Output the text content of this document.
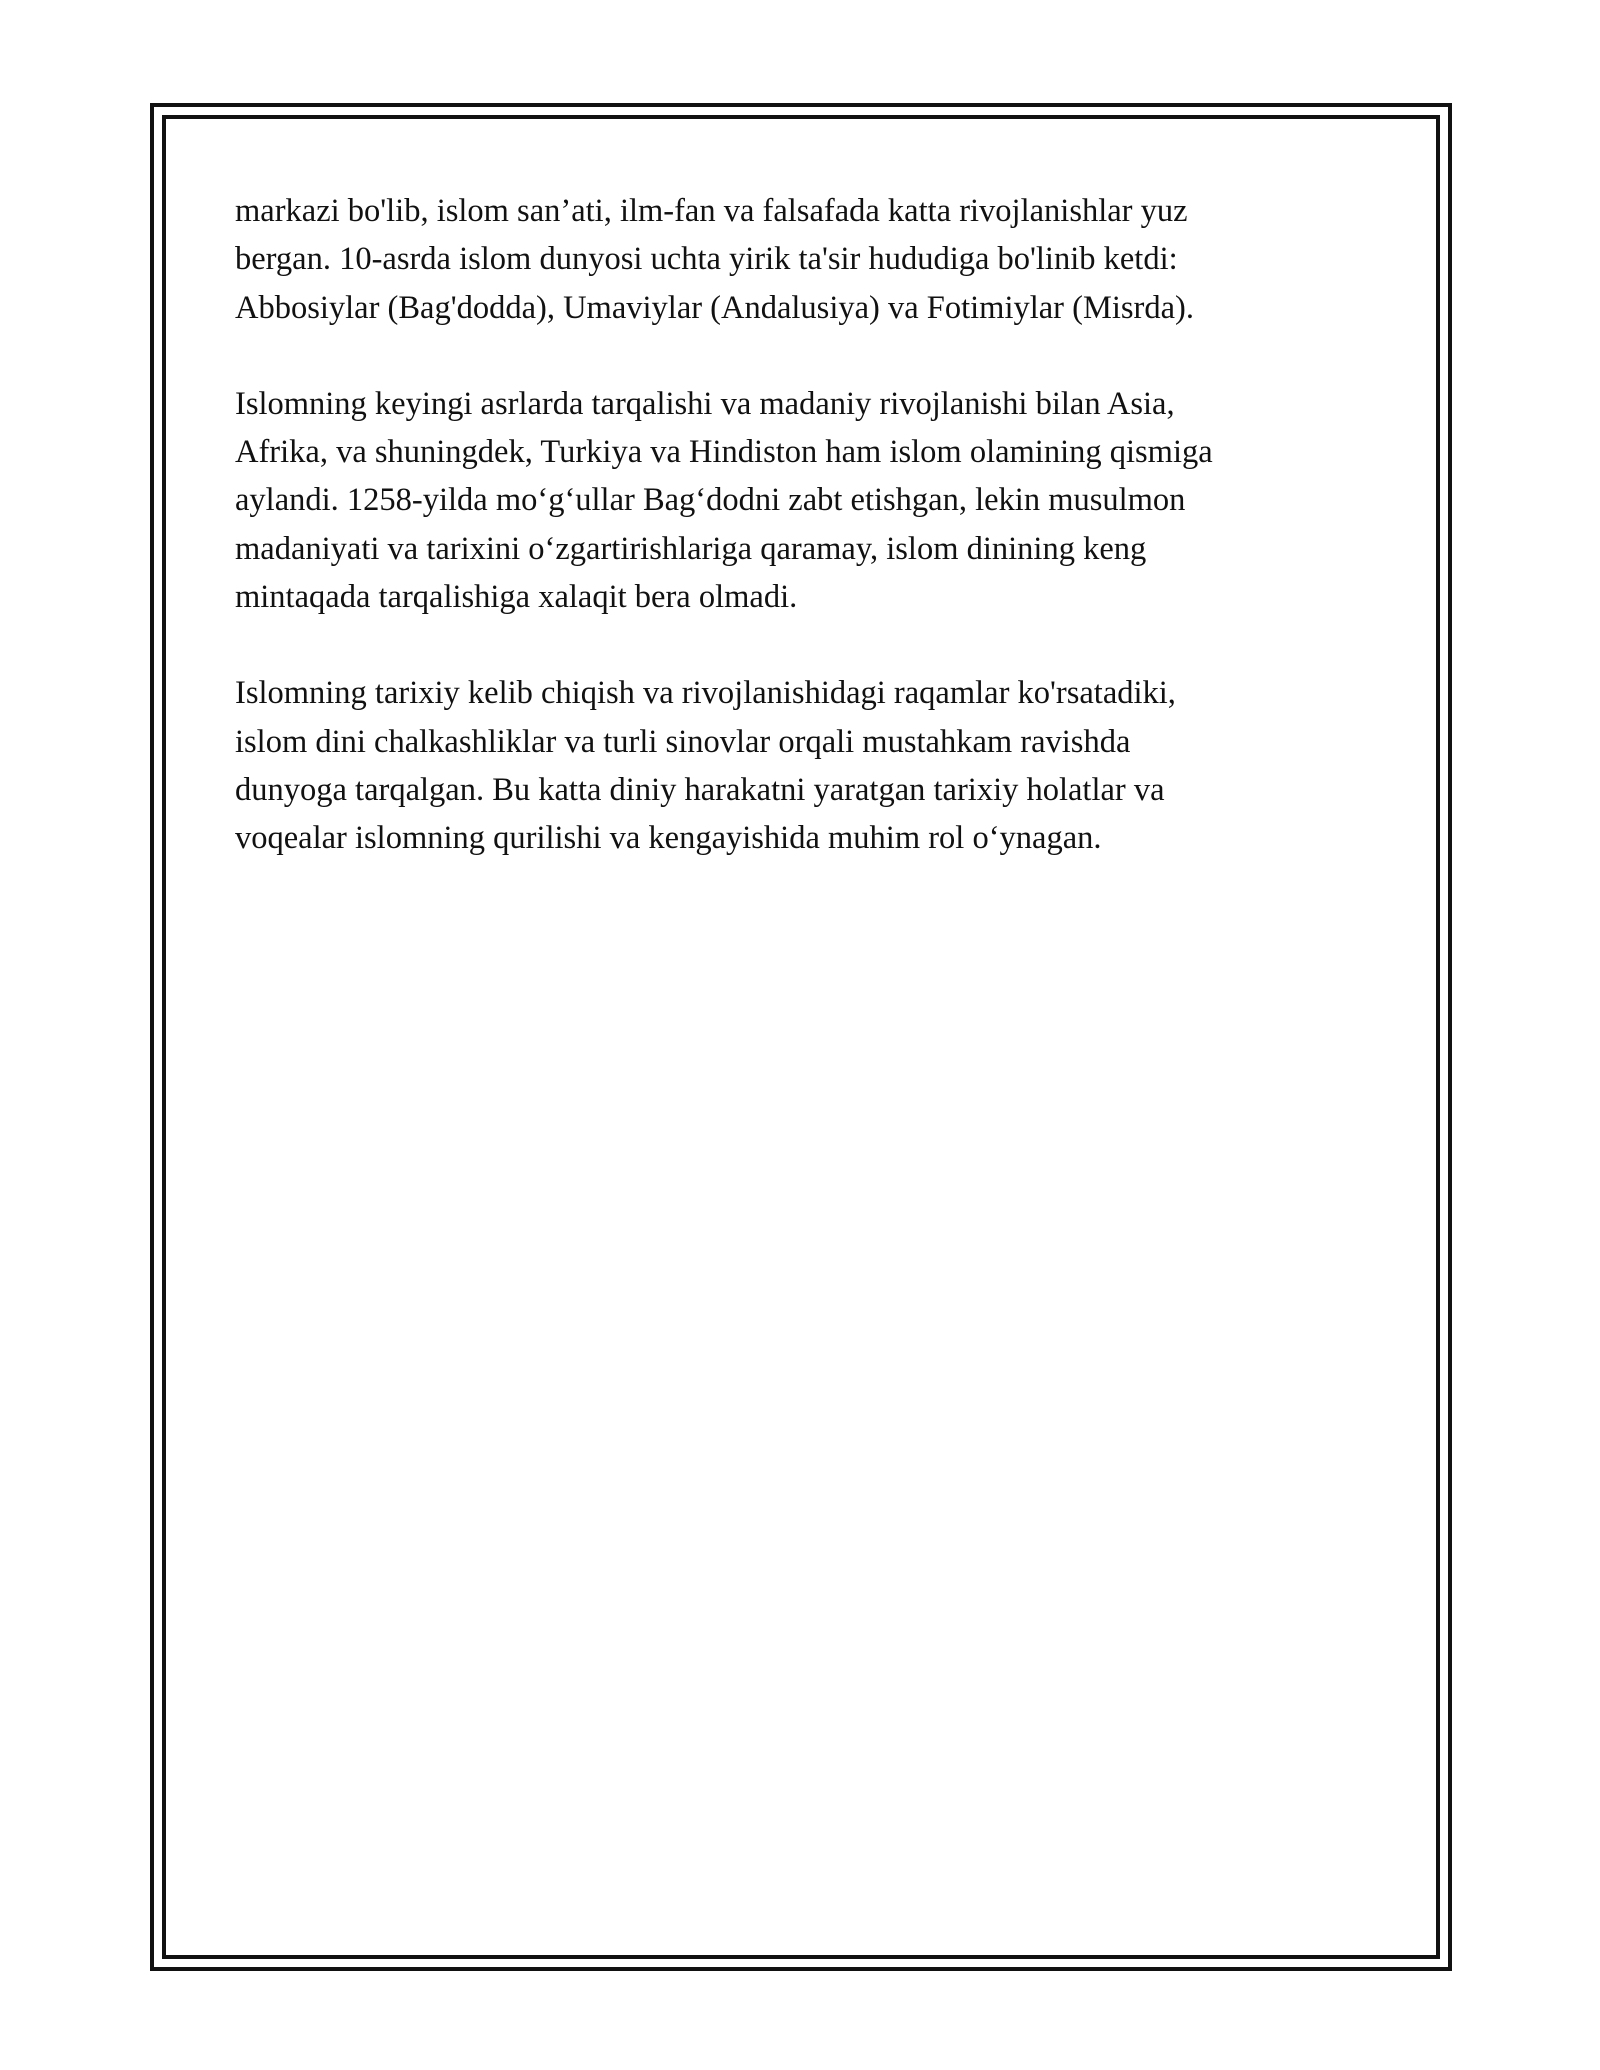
markazi bo'lib, islom san’ati, ilm-fan va falsafada katta rivojlanishlar yuz
bergan. 10-asrda islom dunyosi uchta yirik ta'sir hududiga bo'linib ketdi:
Abbosiylar (Bag'dodda), Umaviylar (Andalusiya) va Fotimiylar (Misrda).

Islomning keyingi asrlarda tarqalishi va madaniy rivojlanishi bilan Asia,
Afrika, va shuningdek, Turkiya va Hindiston ham islom olamining qismiga
aylandi. 1258-yilda mo‘g‘ullar Bag‘dodni zabt etishgan, lekin musulmon
madaniyati va tarixini o‘zgartirishlariga qaramay, islom dinining keng
mintaqada tarqalishiga xalaqit bera olmadi.

Islomning tarixiy kelib chiqish va rivojlanishidagi raqamlar ko'rsatadiki,
islom dini chalkashliklar va turli sinovlar orqali mustahkam ravishda
dunyoga tarqalgan. Bu katta diniy harakatni yaratgan tarixiy holatlar va
voqealar islomning qurilishi va kengayishida muhim rol o‘ynagan.
